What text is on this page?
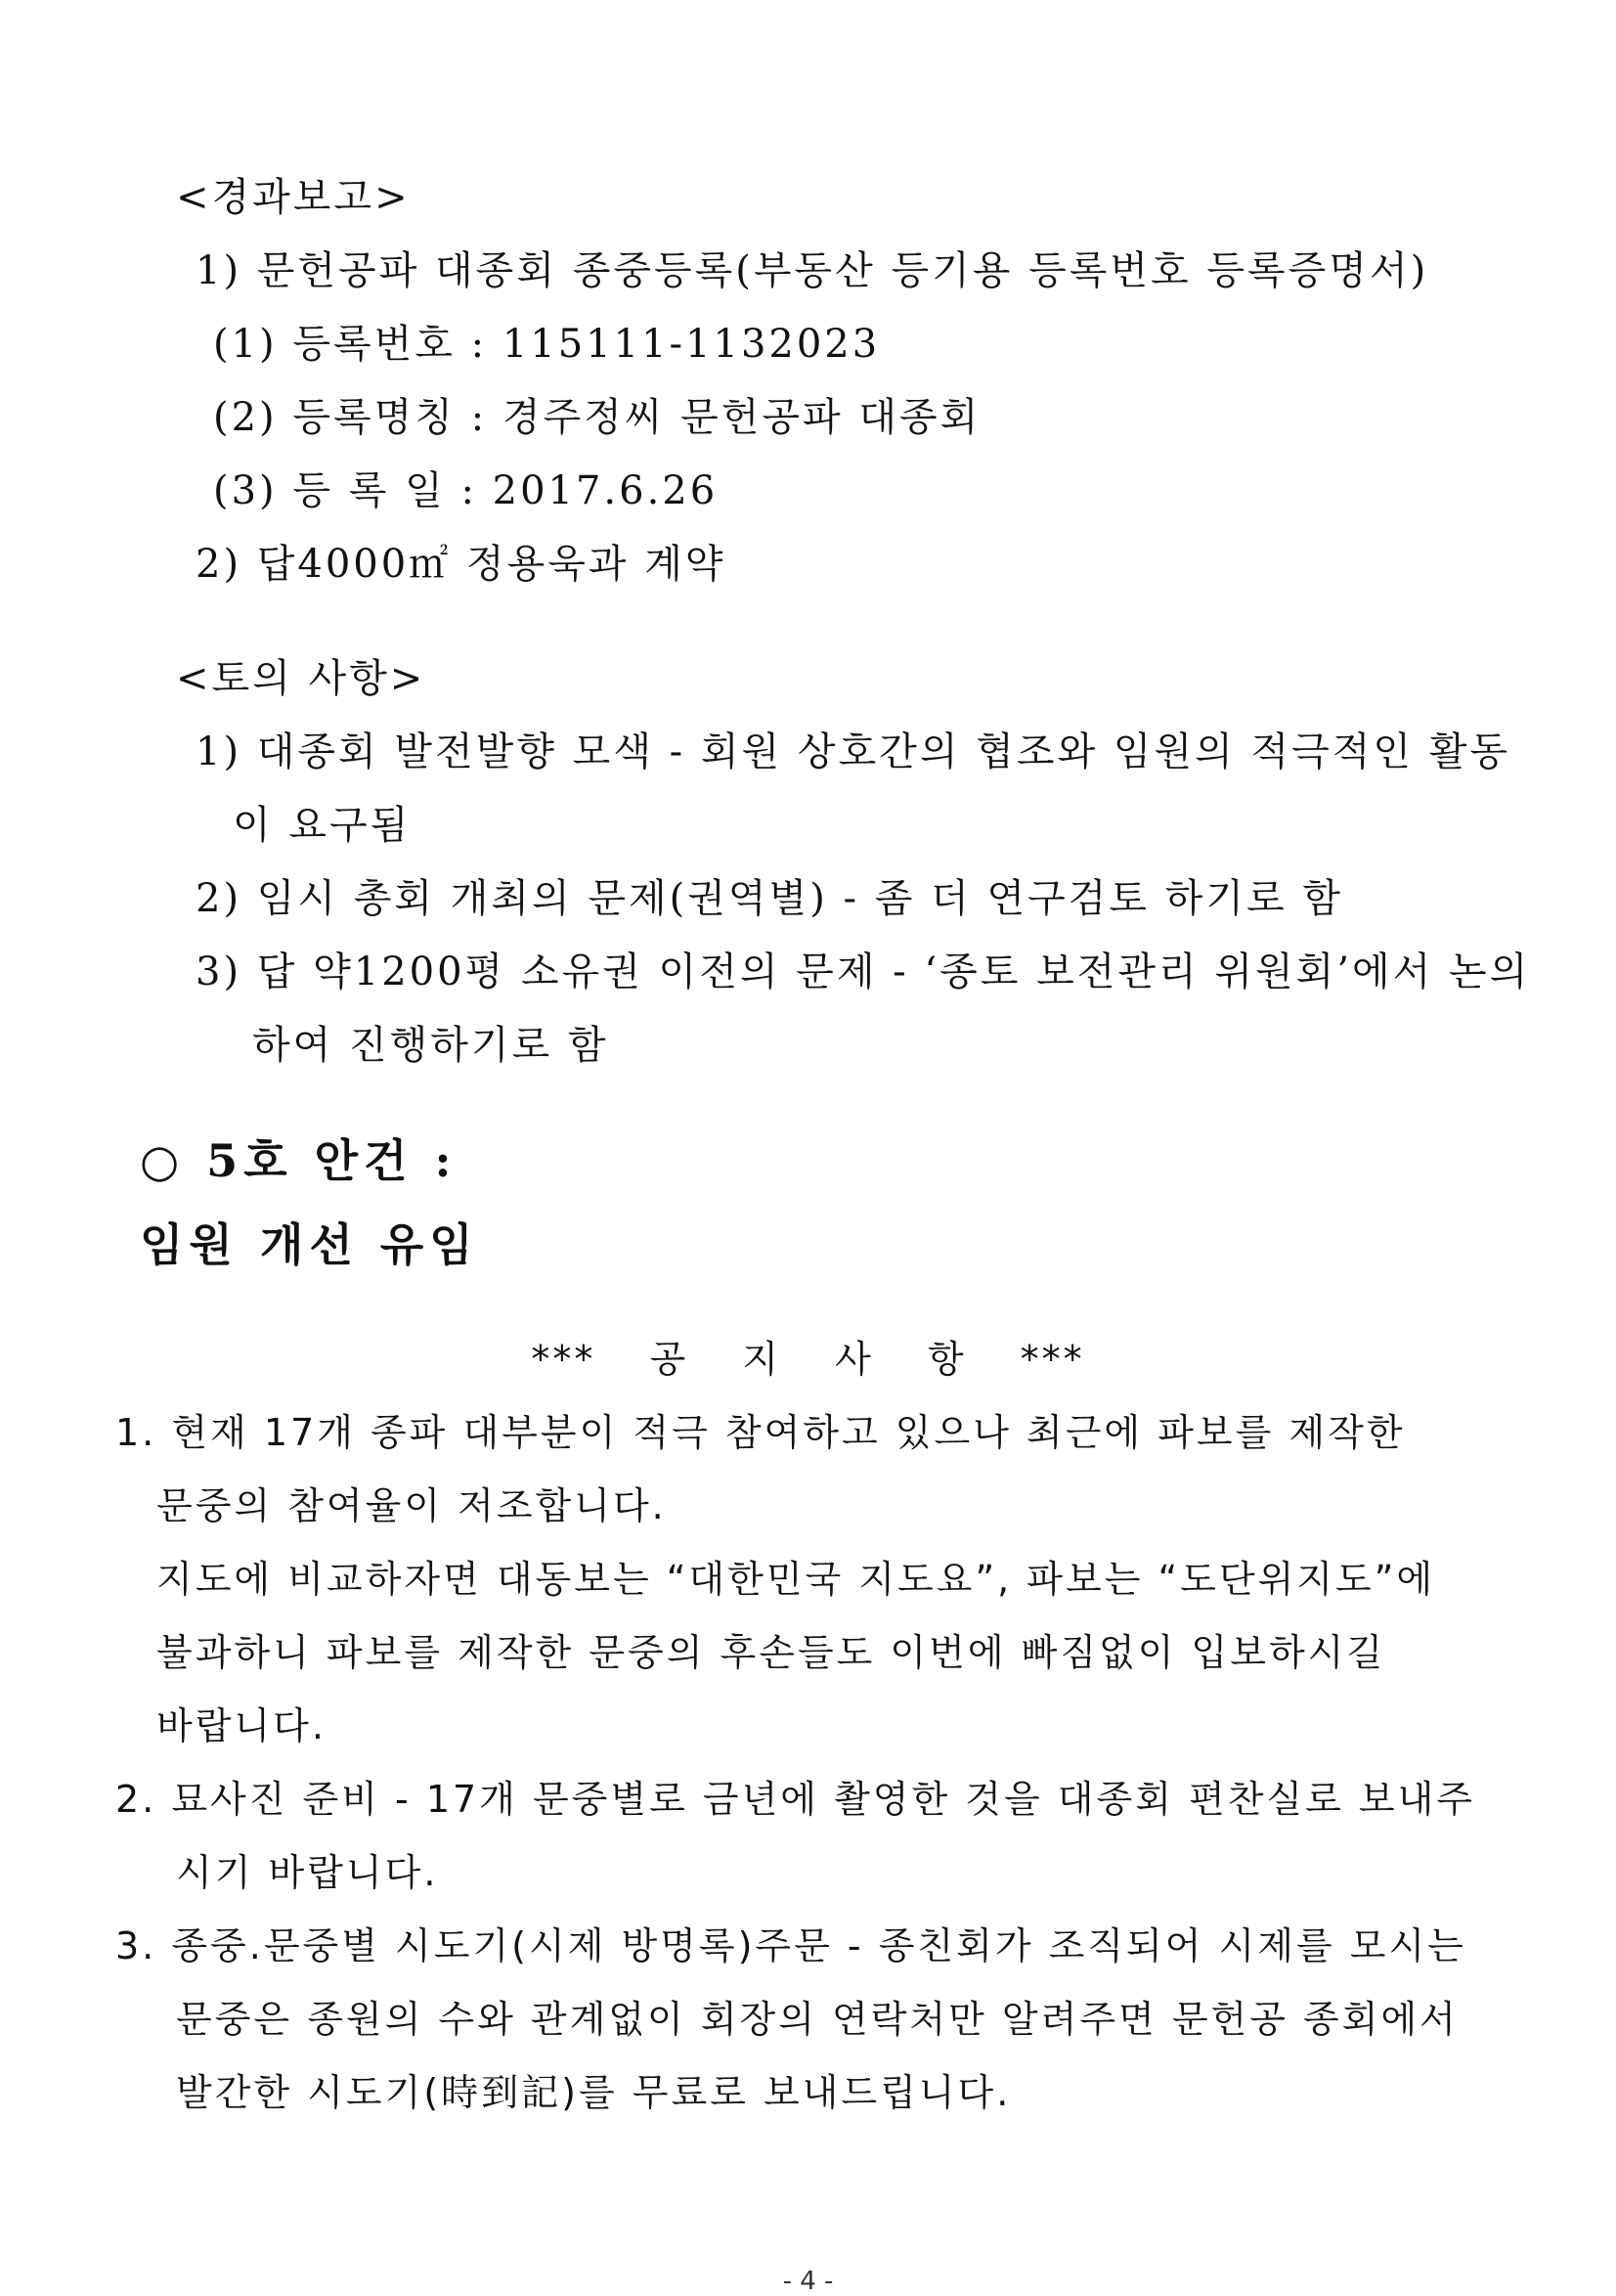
<경과보고>
1) 문헌공파 대종회 종중등록(부동산 등기용 등록번호 등록증명서)
(1) 등록번호 : 115111-1132023
(2) 등록명칭 : 경주정씨 문헌공파 대종회
(3) 등 록 일 : 2017.6.26
2) 답4000㎡ 정용욱과 계약
<토의 사항>
1) 대종회 발전발향 모색 - 회원 상호간의 협조와 임원의 적극적인 활동
이 요구됨
2) 임시 총회 개최의 문제(권역별) - 좀 더 연구검토 하기로 함
3) 답 약1200평 소유권 이전의 문제 - ‘종토 보전관리 위원회’에서 논의
하여 진행하기로 함
○ 5호 안건 :
임원 개선 유임
*** 공 지 사 항 ***
1. 현재 17개 종파 대부분이 적극 참여하고 있으나 최근에 파보를 제작한
문중의 참여율이 저조합니다.
지도에 비교하자면 대동보는 “대한민국 지도요”, 파보는 “도단위지도”에
불과하니 파보를 제작한 문중의 후손들도 이번에 빠짐없이 입보하시길
바랍니다.
2. 묘사진 준비 - 17개 문중별로 금년에 촬영한 것을 대종회 편찬실로 보내주
시기 바랍니다.
3. 종중.문중별 시도기(시제 방명록)주문 - 종친회가 조직되어 시제를 모시는
문중은 종원의 수와 관계없이 회장의 연락처만 알려주면 문헌공 종회에서
발간한 시도기(時到記)를 무료로 보내드립니다.
- 4 -
